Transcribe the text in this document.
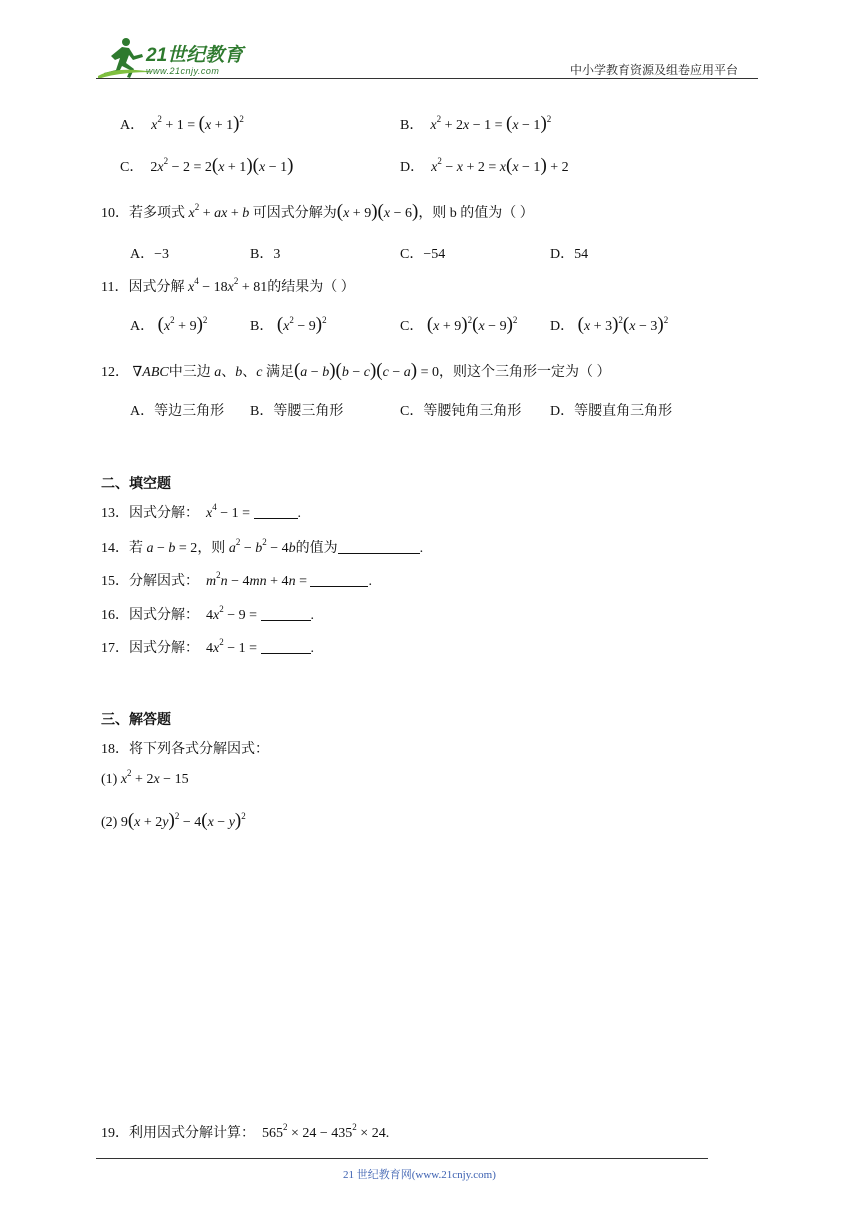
21世纪教育
www.21cnjy.com	中小学教育资源及组卷应用平台
A． $x^2 + 1 = (x + 1)^2$	B． $x^2 + 2x - 1 = (x - 1)^2$
C． $2x^2 - 2 = 2(x + 1)(x - 1)$	D． $x^2 - x + 2 = x(x - 1) + 2$
10．若多项式 $x^2$ + ax + b 可因式分解为(x + 9)(x − 6)，则 b 的值为（ ）
A．−3	B．3	C．−54	D．54
11．因式分解 $x^4 - 18x^2 + 81$的结果为（ ）
A． $(x^2 + 9)^2$	B． $(x^2 - 9)^2$	C． $(x + 9)^2(x - 9)^2$ D． $(x + 3)^2(x - 3)^2$
12． ∇ABC中三边 a、b、c 满足(a − b)(b − c)(c − a) = 0，则这个三角形一定为（ ）
A．等边三角形 B．等腰三角形	C．等腰钝角三角形 D．等腰直角三角形
二、填空题
13．因式分解： $x^4 - 1$ =	.
14．若 a − b = 2，则 $a^2 - b^2 - 4b$的值为	.
15．分解因式： $m^2n - 4mn + 4n$ =	.
16．因式分解： $4x^2 - 9$ =	.
17．因式分解： $4x^2 - 1$ =	.
三、解答题
18．将下列各式分解因式：
(1) $x^2 + 2x - 15$
(2) $9(x + 2y)^2 - 4(x - y)^2$
19．利用因式分解计算： $565^2 \times 24 - 435^2 \times 24$.
21 世纪教育网(www.21cnjy.com)
